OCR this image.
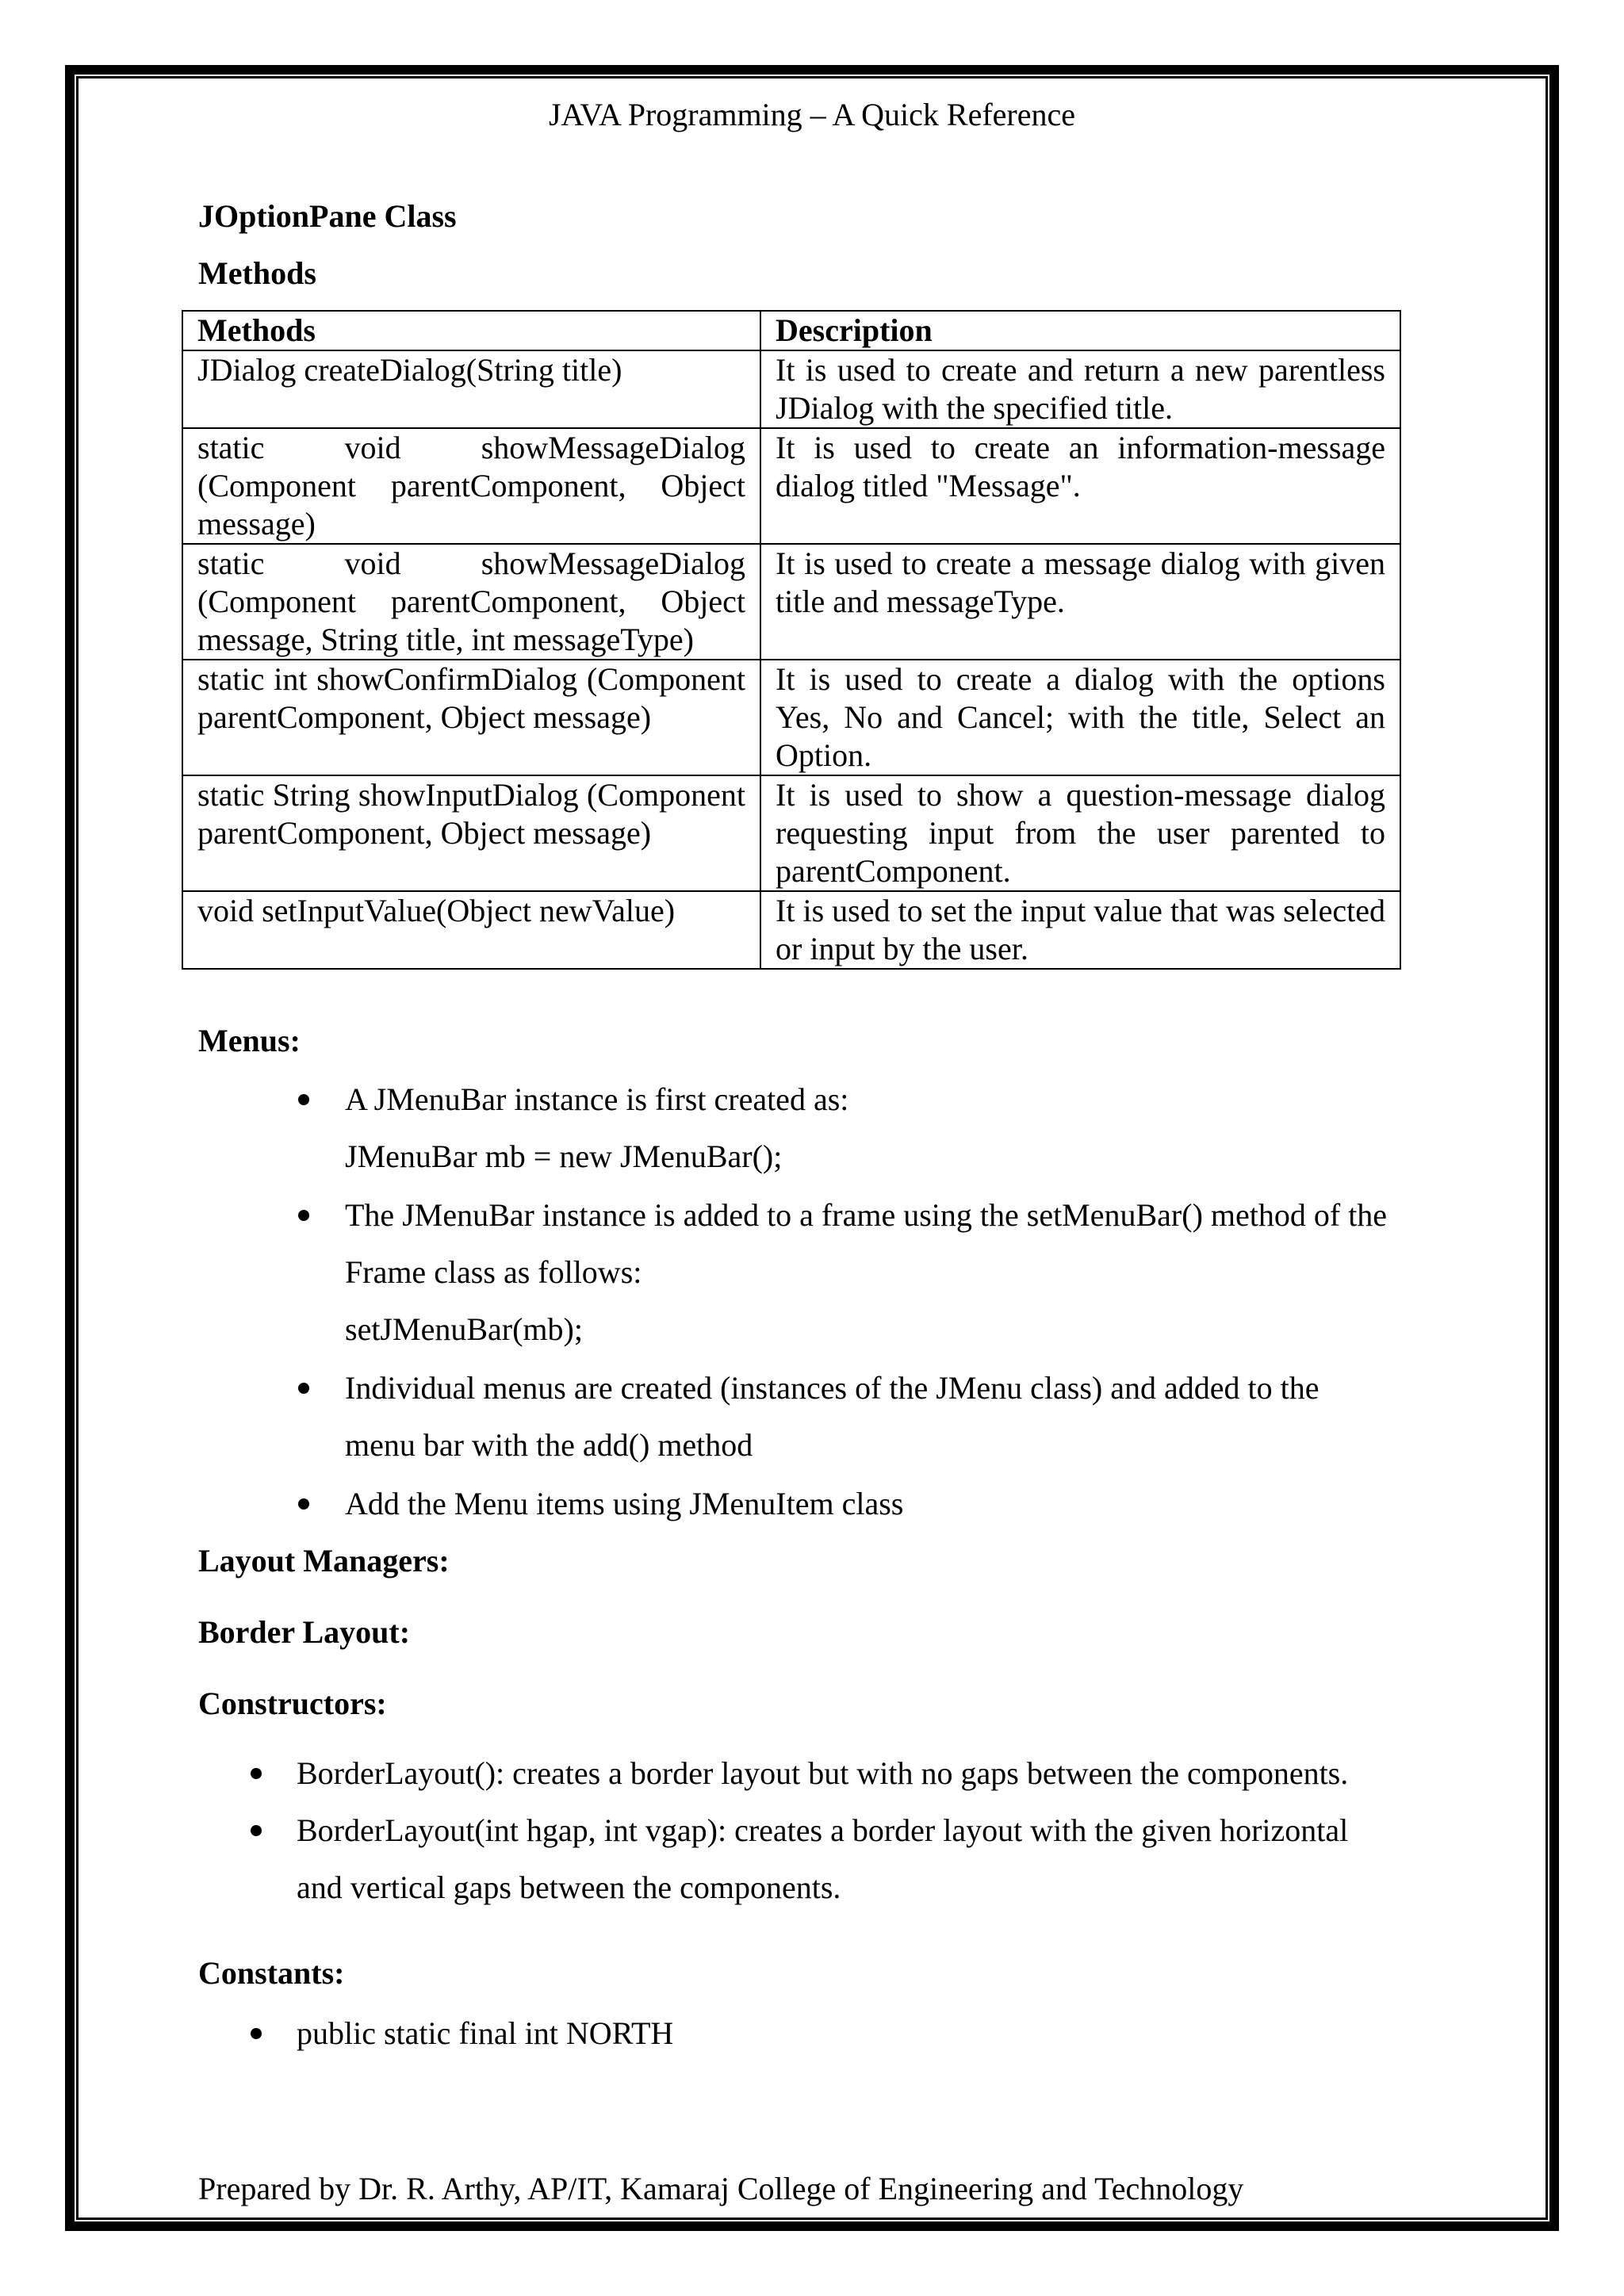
JAVA Programming – A Quick Reference
JOptionPane Class
Methods
Methods	Description
JDialog createDialog(String title)	It is used to create and return a new parentless JDialog with the specified title.
static void showMessageDialog (Component parentComponent, Object message)	It is used to create an information-message dialog titled "Message".
static void showMessageDialog (Component parentComponent, Object message, String title, int messageType)	It is used to create a message dialog with given title and messageType.
static int showConfirmDialog (Component parentComponent, Object message)	It is used to create a dialog with the options Yes, No and Cancel; with the title, Select an Option.
static String showInputDialog (Component parentComponent, Object message)	It is used to show a question-message dialog requesting input from the user parented to parentComponent.
void setInputValue(Object newValue)	It is used to set the input value that was selected or input by the user.
Menus:
A JMenuBar instance is first created as:
JMenuBar mb = new JMenuBar();
The JMenuBar instance is added to a frame using the setMenuBar() method of the
Frame class as follows:
setJMenuBar(mb);
Individual menus are created (instances of the JMenu class) and added to the
menu bar with the add() method
Add the Menu items using JMenuItem class
Layout Managers:
Border Layout:
Constructors:
BorderLayout(): creates a border layout but with no gaps between the components.
BorderLayout(int hgap, int vgap): creates a border layout with the given horizontal
and vertical gaps between the components.
Constants:
public static final int NORTH
Prepared by Dr. R. Arthy, AP/IT, Kamaraj College of Engineering and Technology
